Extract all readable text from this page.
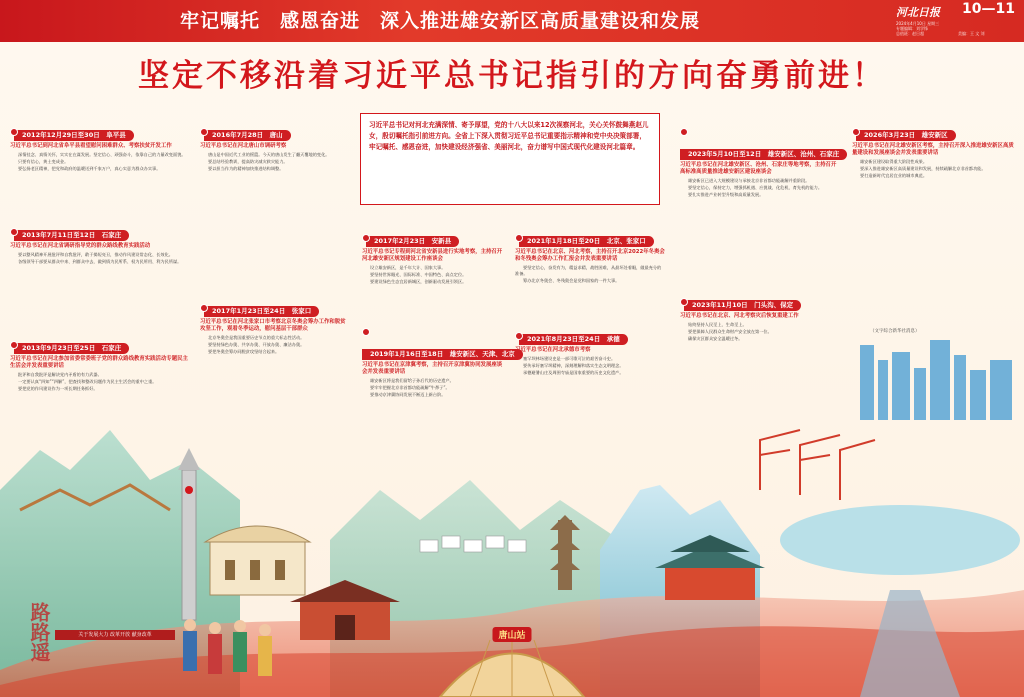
牢记嘱托　感恩奋进　深入推进雄安新区高质量建设和发展	河北日报 10—11
2024年4月10日 星期三
专题编辑：刘学锋
总值班：赵日超	美编：王 文 刘
坚定不移沿着习近平总书记指引的方向奋勇前进！
习近平总书记对河北充满深情、寄予厚望，党的十八大以来12次视察河北，关心关怀鼓舞燕赵儿女，殷切嘱托指引前进方向。全省上下深入贯彻习近平总书记重要指示精神和党中央决策部署，牢记嘱托、感恩奋进，加快建设经济强省、美丽河北，奋力谱写中国式现代化建设河北篇章。
路路遥	关于发展大力 改革开放 献身改革	唐山站
（文字综合新华社消息）
2012年12月29日至30日　阜平县
习近平总书记到河北省阜平县看望慰问困难群众、考察扶贫开发工作

深情挂念、真情关怀，实实在在谋发展。坚定信心、顽强奋斗，依靠自己的力量改变面貌。

只要有信心，黄土变成金。

要弘扬老区精神，把党和政府的温暖送到千家万户，真心实意为群众办实事。

2013年7月11日至12日　石家庄
习近平总书记在河北省调研指导党的群众路线教育实践活动

要以整风精神开展批评和自我批评，敢于揭短亮丑，推动作风建设常态化、长效化。

各级领导干部要从群众中来、到群众中去，做到情为民所系、权为民所用、利为民所谋。

2013年9月23日至25日　石家庄
习近平总书记在河北参加省委常委班子党的群众路线教育实践活动专题民主生活会并发表重要讲话

批评和自我批评是解决党内矛盾的有力武器。

一定要认真“四知”“四解”，把查找和整改问题作为民主生活会的重中之重。

要把党的作风建设作为一项长期任务抓好。

2016年7月28日　唐山
习近平总书记在河北唐山市调研考察

唐山是中国近代工业的摇篮。今天的唐山发生了翻天覆地的变化。

要总结经验教训，提高防灾减灾救灾能力。

要以担当作为的精神加快推进结构调整。

2017年1月23日至24日　张家口
习近平总书记在河北张家口市考察北京冬奥会筹办工作和脱贫攻坚工作，观看冬季运动，慰问基层干部群众

北京冬奥会是我国重要历史节点的重大标志性活动。

要坚持绿色办奥、共享办奥、开放办奥、廉洁办奥。

要把冬奥会筹办同脱贫攻坚结合起来。

2017年2月23日　安新县
习近平总书记专程到河北省安新县进行实地考察，主持召开河北雄安新区规划建设工作座谈会

设立雄安新区，是千年大计、国家大事。

要坚持世界眼光、国际标准、中国特色、高点定位。

要建设绿色生态宜居新城区，创新驱动发展引领区。

2019年1月16日至18日　雄安新区、天津、北京
习近平总书记在京津冀考察，主持召开京津冀协同发展座谈会并发表重要讲话

雄安新区将是我们留给子孙后代的历史遗产。

要牢牢把握北京非首都功能疏解“牛鼻子”。

要推动京津冀协同发展不断迈上新台阶。

2021年1月18日至20日　北京、张家口
习近平总书记在北京、河北考察，主持召开北京2022年冬奥会和冬残奥会筹办工作汇报会并发表重要讲话

要坚定信心，奋发有为，精益求精，战胜困难，从最坏处着眼，做最充分的准备。

筹办北京冬奥会、冬残奥会是党和国家的一件大事。

2021年8月23日至24日　承德
习近平总书记在河北承德市考察

塞罕坝林场建设史是一部可歌可泣的艰苦奋斗史。

要传承好塞罕坝精神，深刻理解和落实生态文明理念。

承德避暑山庄及周围寺庙是国家重要的历史文化遗产。

2023年5月10日至12日　雄安新区、沧州、石家庄
习近平总书记在河北雄安新区、沧州、石家庄等地考察，主持召开高标准高质量推进雄安新区建设座谈会

雄安新区已进入大规模建设与承接北京非首都功能疏解并重阶段。

要坚定信心，保持定力，增强抓机遇、应挑战、化危机、育先机的能力。

要扎实推进产业转型升级和高质量发展。

2023年11月10日　门头沟、保定
习近平总书记在北京、河北考察灾后恢复重建工作

始终坚持人民至上、生命至上。

要把保障人民群众生命财产安全放在第一位。

确保灾区群众安全温暖过冬。

2026年3月23日　雄安新区
习近平总书记在河北雄安新区考察，主持召开深入推进雄安新区高质量建设和发展座谈会并发表重要讲话

雄安新区建设取得重大阶段性成果。

要深入推进雄安新区高质量建设和发展，持续疏解北京非首都功能。

要打造新时代宜居宜业的城市典范。
